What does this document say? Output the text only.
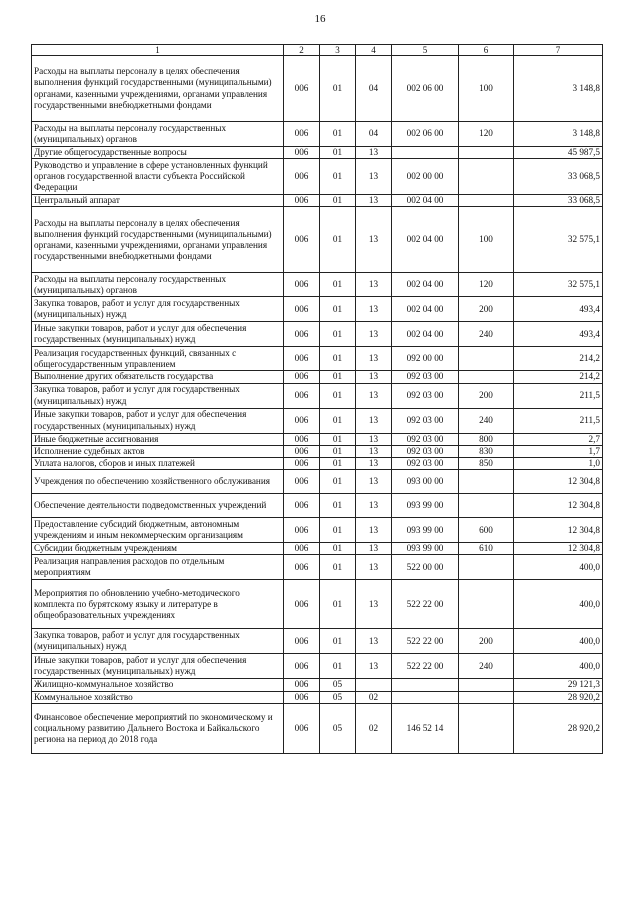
16
1	2	3	4	5	6	7
Расходы на выплаты персоналу в целях обеспечения выполнения функций государственными (муниципальными) органами, казенными учреждениями, органами управления государственными внебюджетными фондами	006	01	04	002 06 00	100	3 148,8
Расходы на выплаты персоналу государственных (муниципальных) органов	006	01	04	002 06 00	120	3 148,8
Другие общегосударственные вопросы	006	01	13			45 987,5
Руководство и управление в сфере установленных функций органов государственной власти субъекта Российской Федерации	006	01	13	002 00 00		33 068,5
Центральный аппарат	006	01	13	002 04 00		33 068,5
Расходы на выплаты персоналу в целях обеспечения выполнения функций государственными (муниципальными) органами, казенными учреждениями, органами управления государственными внебюджетными фондами	006	01	13	002 04 00	100	32 575,1
Расходы на выплаты персоналу государственных (муниципальных) органов	006	01	13	002 04 00	120	32 575,1
Закупка товаров, работ и услуг для государственных (муниципальных) нужд	006	01	13	002 04 00	200	493,4
Иные закупки товаров, работ и услуг для обеспечения государственных (муниципальных) нужд	006	01	13	002 04 00	240	493,4
Реализация государственных функций, связанных с общегосударственным управлением	006	01	13	092 00 00		214,2
Выполнение других обязательств государства	006	01	13	092 03 00		214,2
Закупка товаров, работ и услуг для государственных (муниципальных) нужд	006	01	13	092 03 00	200	211,5
Иные закупки товаров, работ и услуг для обеспечения государственных (муниципальных) нужд	006	01	13	092 03 00	240	211,5
Иные бюджетные ассигнования	006	01	13	092 03 00	800	2,7
Исполнение судебных актов	006	01	13	092 03 00	830	1,7
Уплата налогов, сборов и иных платежей	006	01	13	092 03 00	850	1,0
Учреждения по обеспечению хозяйственного обслуживания	006	01	13	093 00 00		12 304,8
Обеспечение деятельности подведомственных учреждений	006	01	13	093 99 00		12 304,8
Предоставление субсидий бюджетным, автономным учреждениям и иным некоммерческим организациям	006	01	13	093 99 00	600	12 304,8
Субсидии бюджетным учреждениям	006	01	13	093 99 00	610	12 304,8
Реализация направления расходов по отдельным мероприятиям	006	01	13	522 00 00		400,0
Мероприятия по обновлению учебно-методического комплекта по бурятскому языку и литературе в общеобразовательных учреждениях	006	01	13	522 22 00		400,0
Закупка товаров, работ и услуг для государственных (муниципальных) нужд	006	01	13	522 22 00	200	400,0
Иные закупки товаров, работ и услуг для обеспечения государственных (муниципальных) нужд	006	01	13	522 22 00	240	400,0
Жилищно-коммунальное хозяйство	006	05				29 121,3
Коммунальное хозяйство	006	05	02			28 920,2
Финансовое обеспечение мероприятий по экономическому и социальному развитию Дальнего Востока и Байкальского региона на период до 2018 года	006	05	02	146 52 14		28 920,2
